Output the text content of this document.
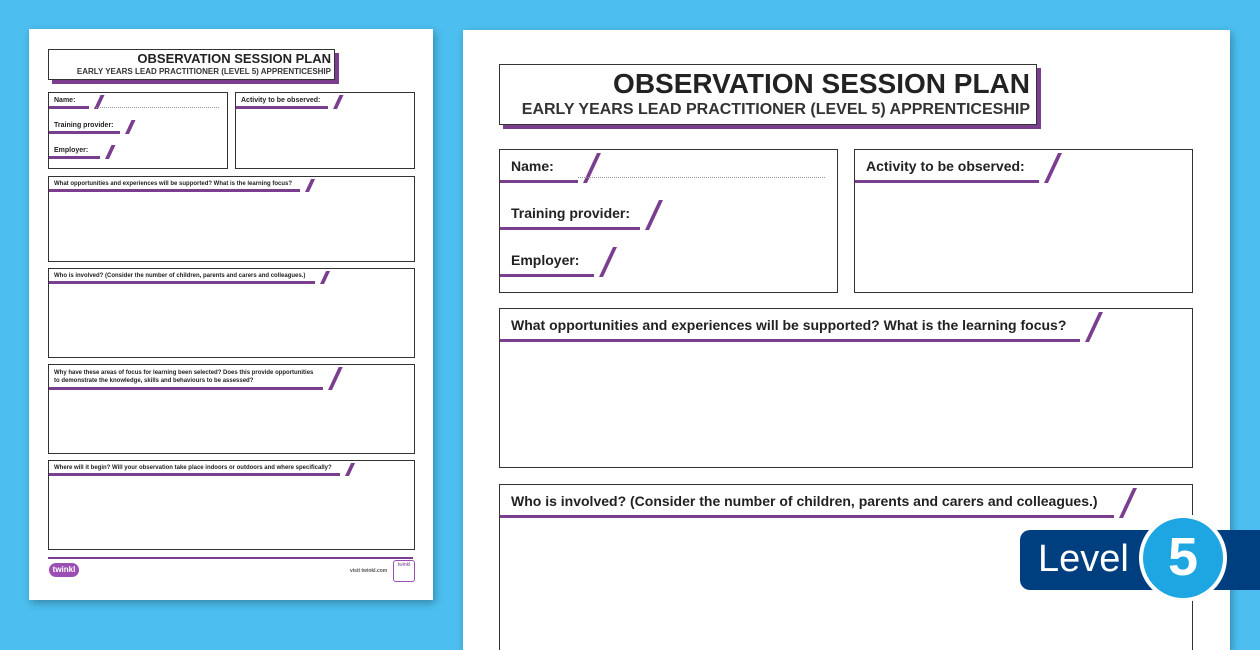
OBSERVATION SESSION PLAN
EARLY YEARS LEAD PRACTITIONER (LEVEL 5) APPRENTICESHIP
Name:
Training provider:
Employer:
Activity to be observed:
What opportunities and experiences will be supported? What is the learning focus?
Who is involved? (Consider the number of children, parents and carers and colleagues.)
Why have these areas of focus for learning been selected? Does this provide opportunities
to demonstrate the knowledge, skills and behaviours to be assessed?
Where will it begin? Will your observation take place indoors or outdoors and where specifically?
twinkl	visit twinkl.com
twinkl
OBSERVATION SESSION PLAN
EARLY YEARS LEAD PRACTITIONER (LEVEL 5) APPRENTICESHIP
Name:
Training provider:
Employer:
Activity to be observed:
What opportunities and experiences will be supported? What is the learning focus?
Who is involved? (Consider the number of children, parents and carers and colleagues.)
Level 5
